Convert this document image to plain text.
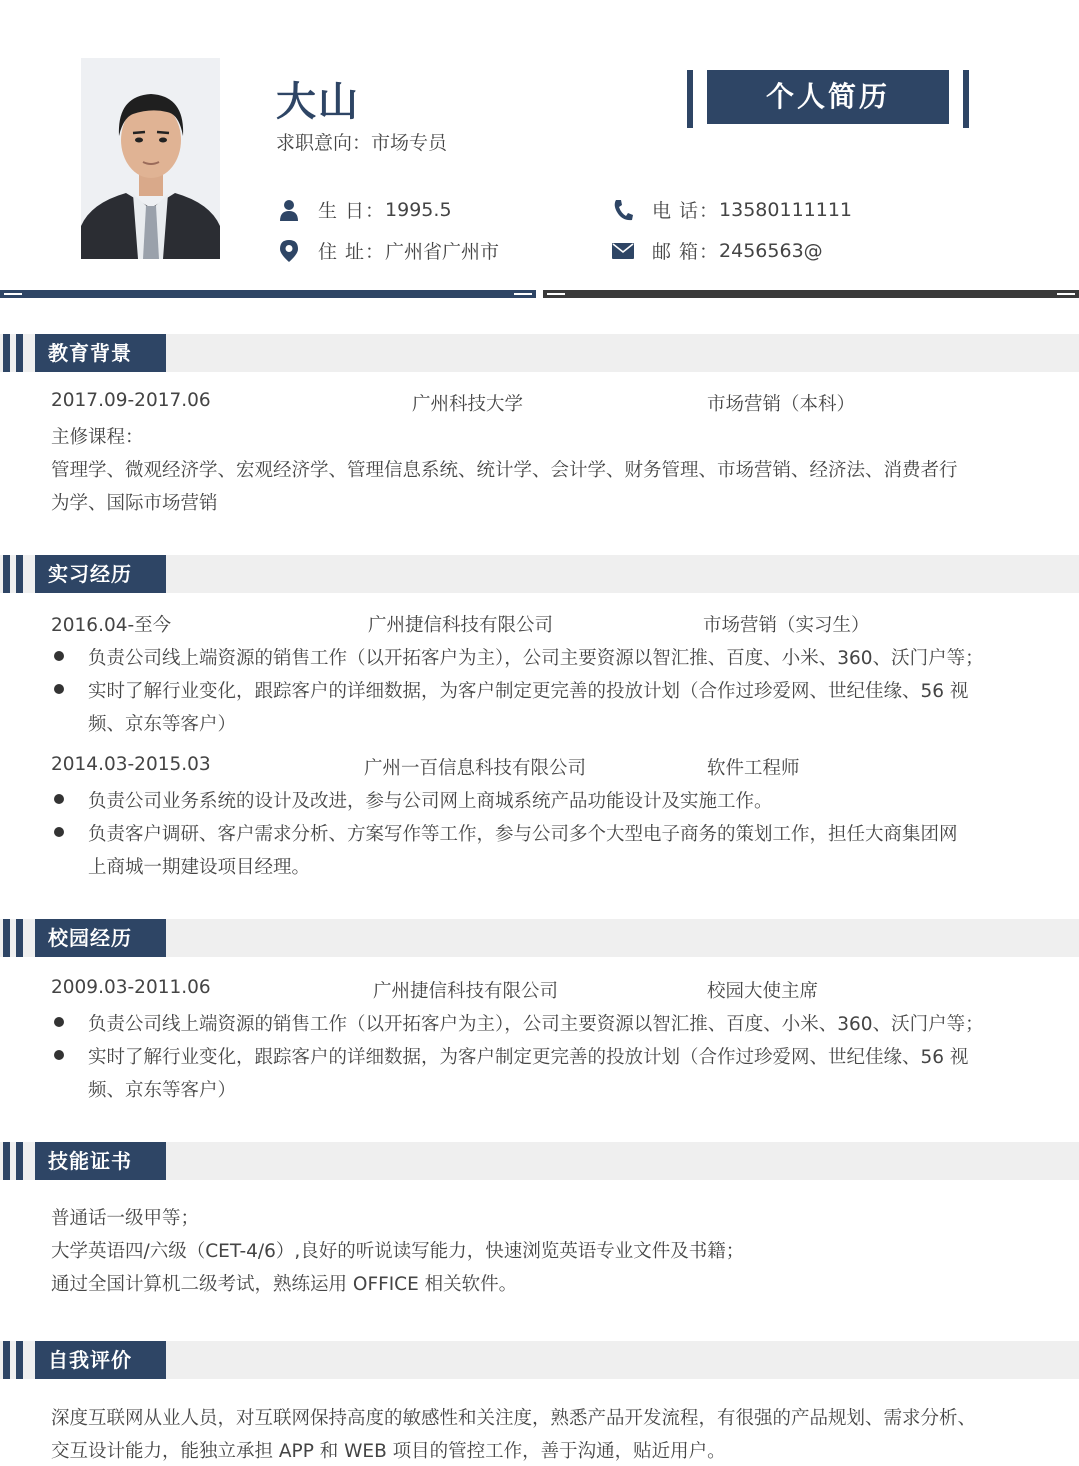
大山
求职意向：市场专员
个人简历
生 日： 1995.5
住 址： 广州省广州市
电 话： 13580111111
邮 箱： 2456563@
教育背景
2017.09-2017.06	广州科技大学	市场营销（本科）
主修课程：
管理学、微观经济学、宏观经济学、管理信息系统、统计学、会计学、财务管理、市场营销、经济法、消费者行
为学、国际市场营销
实习经历
2016.04-至今	广州捷信科技有限公司	市场营销（实习生）
负责公司线上端资源的销售工作（以开拓客户为主），公司主要资源以智汇推、百度、小米、360、沃门户等；
实时了解行业变化，跟踪客户的详细数据，为客户制定更完善的投放计划（合作过珍爱网、世纪佳缘、56 视
频、京东等客户）
2014.03-2015.03	广州一百信息科技有限公司	软件工程师
负责公司业务系统的设计及改进，参与公司网上商城系统产品功能设计及实施工作。
负责客户调研、客户需求分析、方案写作等工作，参与公司多个大型电子商务的策划工作，担任大商集团网
上商城一期建设项目经理。
校园经历
2009.03-2011.06	广州捷信科技有限公司	校园大使主席
负责公司线上端资源的销售工作（以开拓客户为主），公司主要资源以智汇推、百度、小米、360、沃门户等；
实时了解行业变化，跟踪客户的详细数据，为客户制定更完善的投放计划（合作过珍爱网、世纪佳缘、56 视
频、京东等客户）
技能证书
普通话一级甲等；
大学英语四/六级（CET-4/6）,良好的听说读写能力，快速浏览英语专业文件及书籍；
通过全国计算机二级考试，熟练运用 OFFICE 相关软件。
自我评价
深度互联网从业人员，对互联网保持高度的敏感性和关注度，熟悉产品开发流程，有很强的产品规划、需求分析、
交互设计能力，能独立承担 APP 和 WEB 项目的管控工作，善于沟通，贴近用户。
